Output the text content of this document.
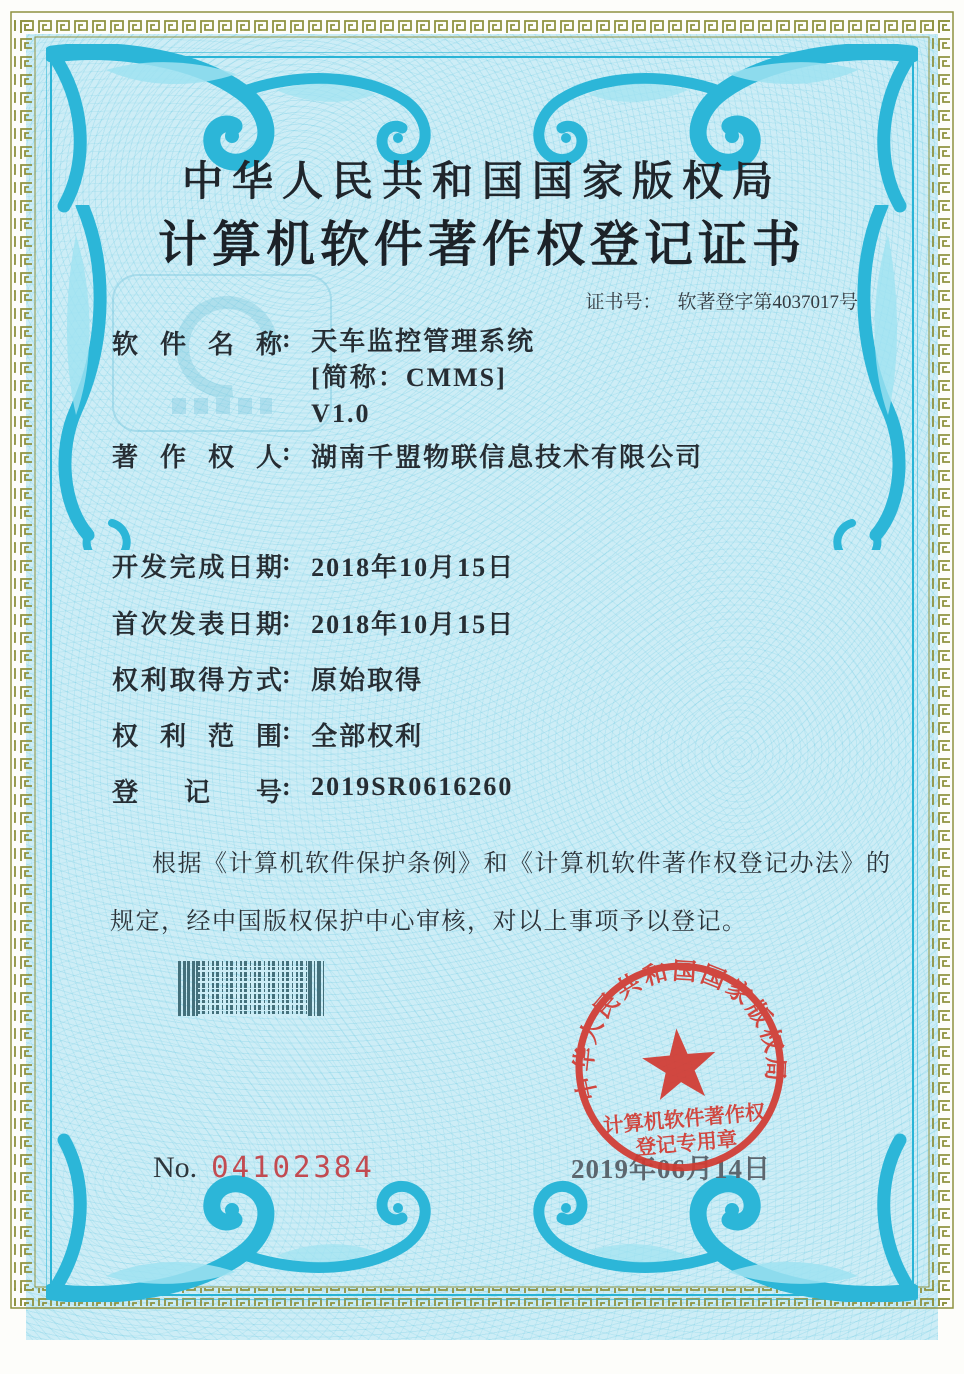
中华人民共和国国家版权局
计算机软件著作权登记证书
证书号： 软著登字第4037017号
软件名称: 天车监控管理系统
[简称：CMMS]
V1.0
著作权人: 湖南千盟物联信息技术有限公司
开发完成日期: 2018年10月15日
首次发表日期: 2018年10月15日
权利取得方式: 原始取得
权利范围: 全部权利
登记号: 2019SR0616260
根据《计算机软件保护条例》和《计算机软件著作权登记办法》的
规定，经中国版权保护中心审核，对以上事项予以登记。
2019年06月14日
中华人民共和国国家版权局
计算机软件著作权
登记专用章
No. 04102384
